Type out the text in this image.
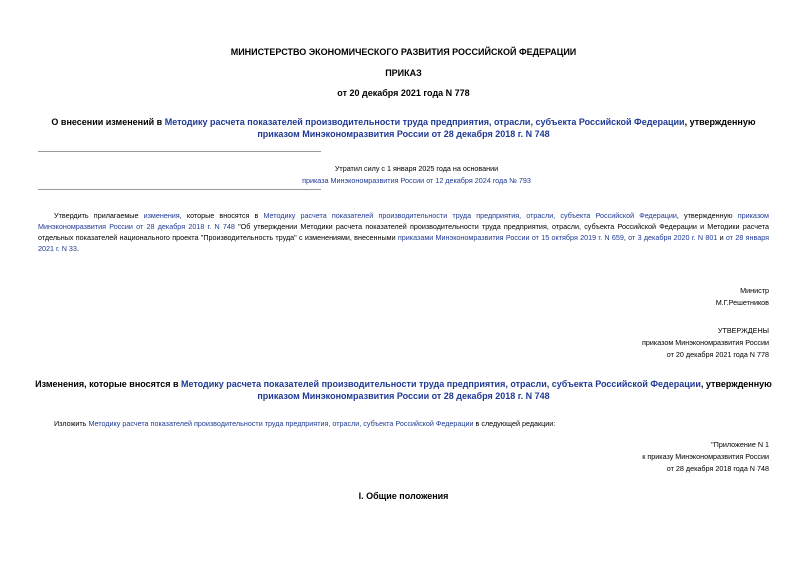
МИНИСТЕРСТВО ЭКОНОМИЧЕСКОГО РАЗВИТИЯ РОССИЙСКОЙ ФЕДЕРАЦИИ
ПРИКАЗ
от 20 декабря 2021 года N 778
О внесении изменений в Методику расчета показателей производительности труда предприятия, отрасли, субъекта Российской Федерации, утвержденную
приказом Минэкономразвития России от 28 декабря 2018 г. N 748
Утратил силу с 1 января 2025 года на основании
приказа Минэкономразвития России от 12 декабря 2024 года № 793
Утвердить прилагаемые изменения, которые вносятся в Методику расчета показателей производительности труда предприятия, отрасли, субъекта Российской Федерации, утвержденную приказом Минэкономразвития России от 28 декабря 2018 г. N 748 "Об утверждении Методики расчета показателей производительности труда предприятия, отрасли, субъекта Российской Федерации и Методики расчета отдельных показателей национального проекта "Производительность труда" с изменениями, внесенными приказами Минэкономразвития России от 15 октября 2019 г. N 659, от 3 декабря 2020 г. N 801 и от 28 января 2021 г. N 33.
Министр
М.Г.Решетников
УТВЕРЖДЕНЫ
приказом Минэкономразвития России
от 20 декабря 2021 года N 778
Изменения, которые вносятся в Методику расчета показателей производительности труда предприятия, отрасли, субъекта Российской Федерации, утвержденную
приказом Минэкономразвития России от 28 декабря 2018 г. N 748
Изложить Методику расчета показателей производительности труда предприятия, отрасли, субъекта Российской Федерации в следующей редакции:
"Приложение N 1
к приказу Минэкономразвития России
от 28 декабря 2018 года N 748
I. Общие положения
